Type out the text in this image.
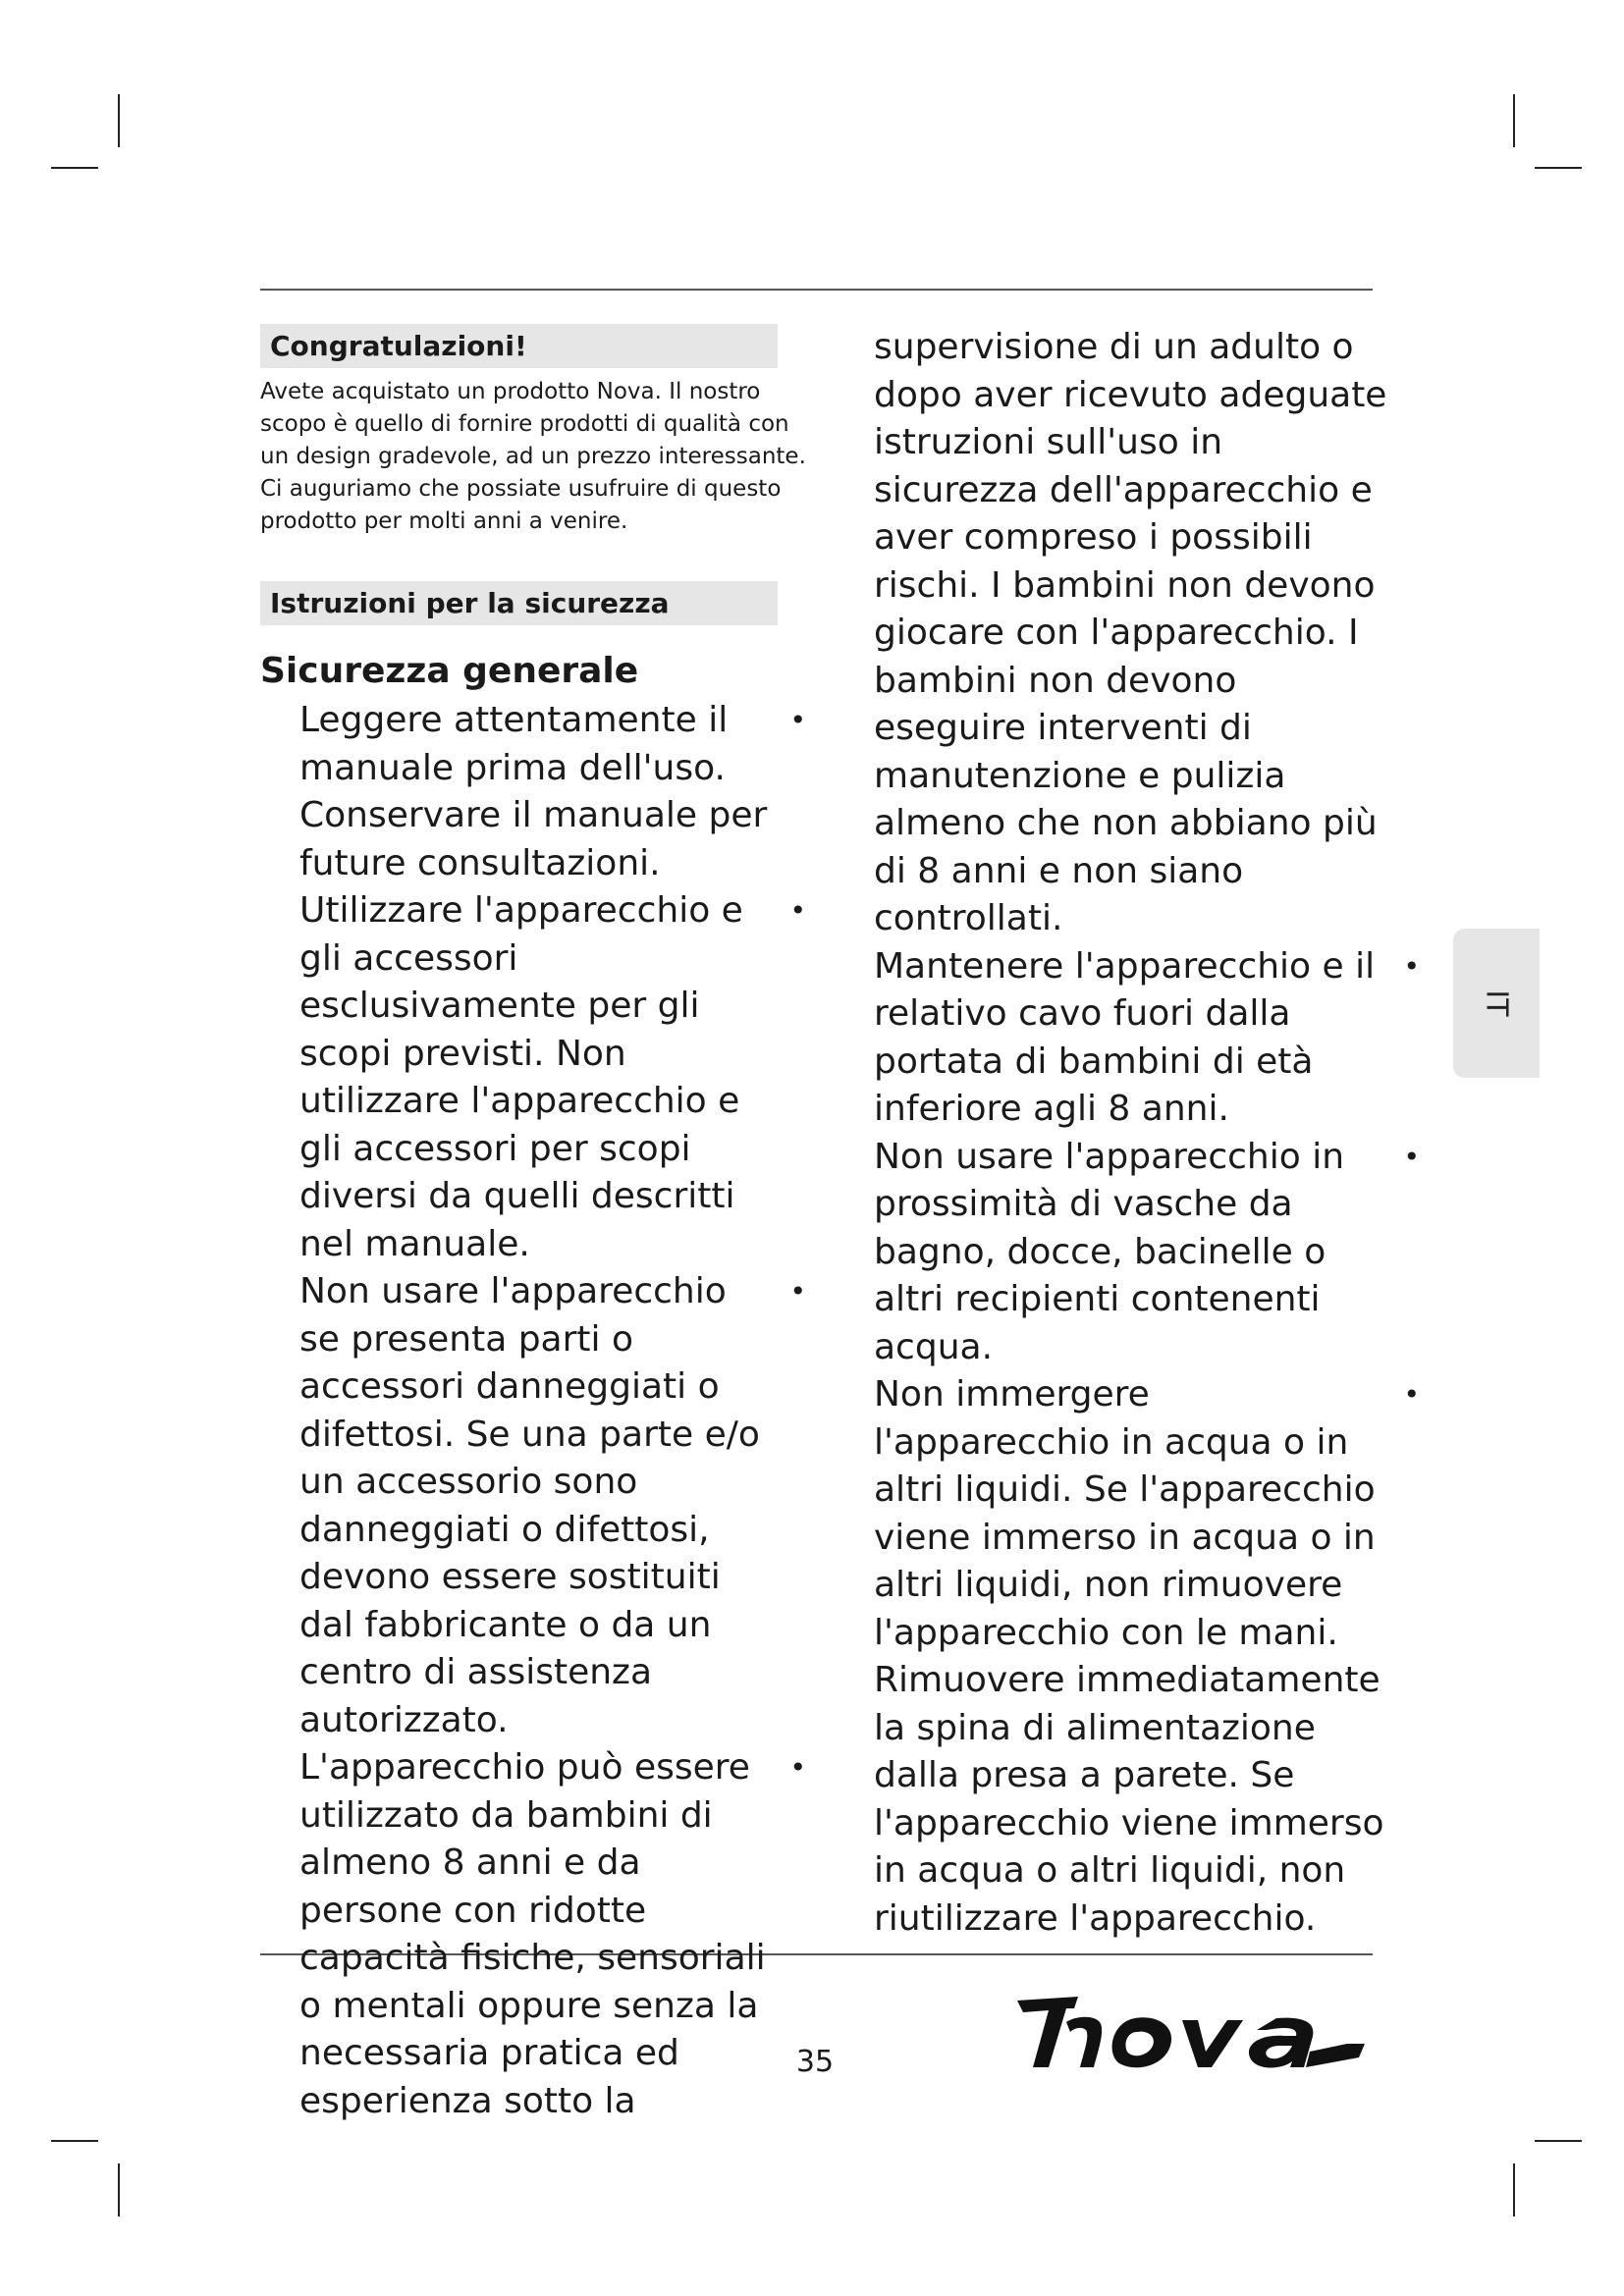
Congratulazioni!

Avete acquistato un prodotto Nova. Il nostro scopo è quello di fornire prodotti di qualità con un design gradevole, ad un prezzo interessante. Ci auguriamo che possiate usufruire di questo prodotto per molti anni a venire.

Istruzioni per la sicurezza
Sicurezza generale
Leggere attentamente il manuale prima dell'uso. Conservare il manuale per future consultazioni.
•
Utilizzare l'apparecchio e gli accessori esclusivamente per gli scopi previsti. Non utilizzare l'apparecchio e gli accessori per scopi diversi da quelli descritti nel manuale.
•
Non usare l'apparecchio se presenta parti o accessori danneggiati o difettosi. Se una parte e/o un accessorio sono danneggiati o difettosi, devono essere sostituiti dal fabbricante o da un centro di assistenza autorizzato.
•
L'apparecchio può essere utilizzato da bambini di almeno 8 anni e da persone con ridotte capacità fisiche, sensoriali o mentali oppure senza la necessaria pratica ed esperienza sotto la
•
supervisione di un adulto o dopo aver ricevuto adeguate istruzioni sull'uso in sicurezza dell'apparecchio e aver compreso i possibili rischi. I bambini non devono giocare con l'apparecchio. I bambini non devono eseguire interventi di manutenzione e pulizia almeno che non abbiano più di 8 anni e non siano controllati.
Mantenere l'apparecchio e il relativo cavo fuori dalla portata di bambini di età inferiore agli 8 anni.
•
Non usare l'apparecchio in prossimità di vasche da bagno, docce, bacinelle o altri recipienti contenenti acqua.
•
Non immergere l'apparecchio in acqua o in altri liquidi. Se l'apparecchio viene immerso in acqua o in altri liquidi, non rimuovere l'apparecchio con le mani. Rimuovere immediatamente la spina di alimentazione dalla presa a parete. Se l'apparecchio viene immerso in acqua o altri liquidi, non riutilizzare l'apparecchio.
•
IT
35
